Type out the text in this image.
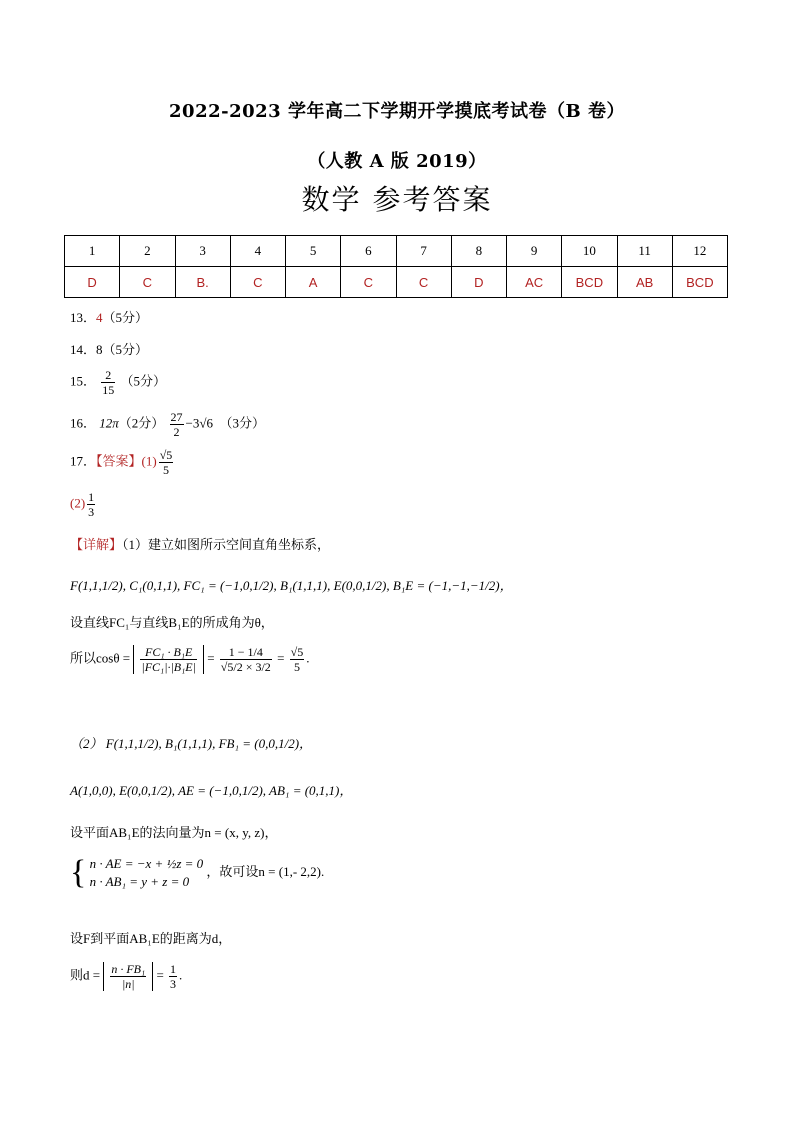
2022-2023 学年高二下学期开学摸底考试卷（B 卷）
（人教 A 版 2019）
数学 参考答案
1	2	3	4	5	6	7	8	9	10	11	12
D	C	B.	C	A	C	C	D	AC	BCD	AB	BCD
13．4（5分）
14．8（5分）
15． $\frac{2}{15} (5$分）
16． 12π（2分） $\frac{27}{2} -3√6$ （3分）
17．【答案】$(1) \frac{√5}{5}$
$(2) \frac{1}{3}$
【详解】（1）建立如图所示空间直角坐标系，
F(1,1,1/2), C₁(0,1,1), FC₁ = (−1,0,1/2), B₁(1,1,1), E(0,0,1/2), B₁E = (−1,−1,−1/2)，
设直线FC₁与直线B₁E的所成角为θ，
所以$\cos\theta = \frac{\text{FC₁ · B₁E}}{\text{|FC₁|·|B₁E|}} = \frac{1 - 1/4}{√5/2 \times 3/2} = \frac{√5}{5}$ .
（2） F(1,1,1/2), B₁(1,1,1), FB₁ = (0,0,1/2)，
A(1,0,0), E(0,0,1/2), AE = (−1,0,1/2), AB₁ = (0,1,1)，
设平面AB₁E的法向量为n = (x, y, z)，
{ n · AE = −x + ½z = 0
n · AB₁ = y + z = 0
，故可设n = (1,- 2,2).
设F到平面AB₁E的距离为d，
则$d = \frac{\text{n · FB₁}}{|n|} = \frac{1}{3}$ .
